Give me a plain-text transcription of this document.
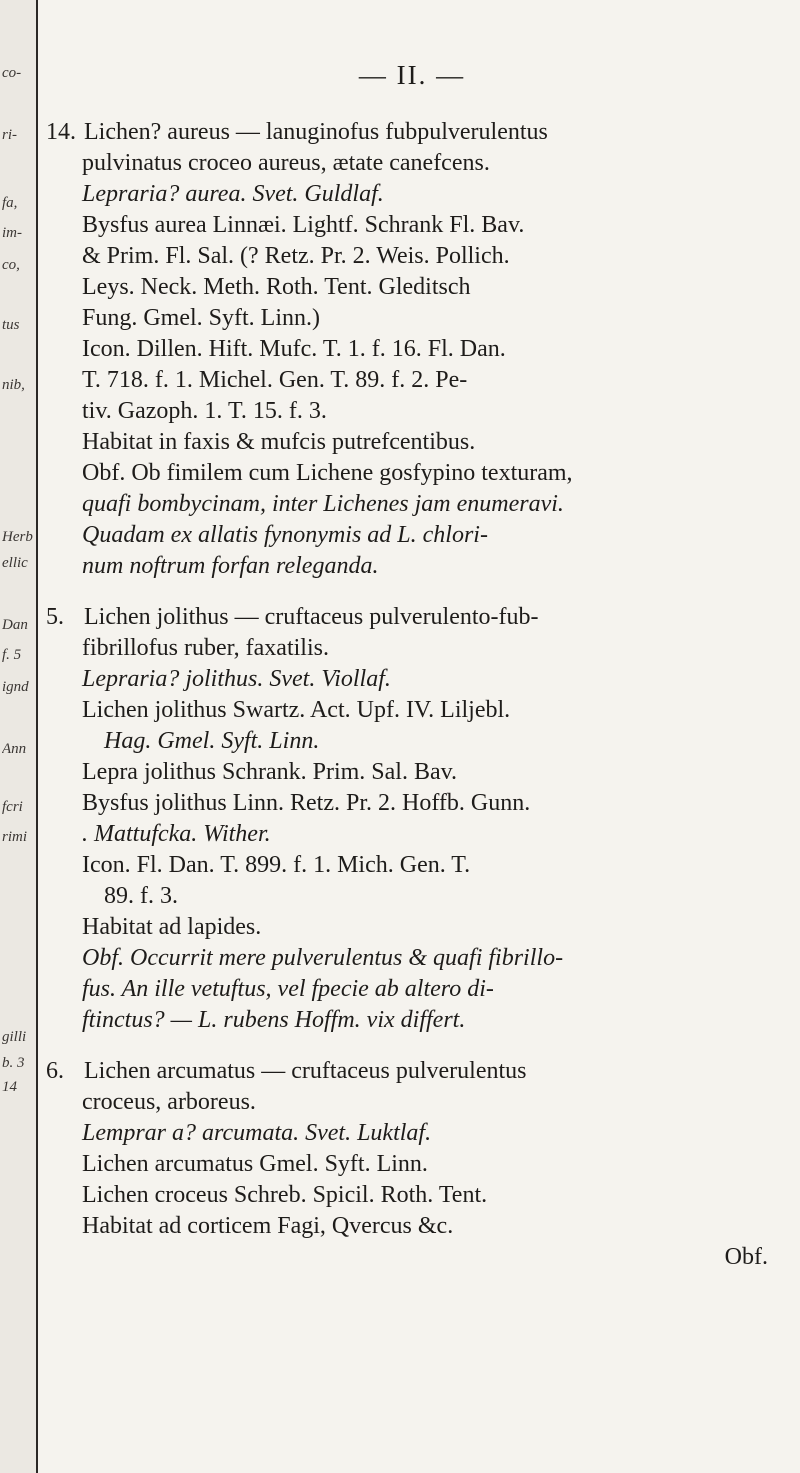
co-
ri-
fa,
im-
co,
tus
nib,
Herb
ellic
Dan
f. 5
ignd
Ann
fcri
rimi
gilli
b. 3
14
— II. —
14. Lichen? aureus — lanuginofus fubpulverulentus
pulvinatus croceo aureus, ætate canefcens.
Lepraria? aurea. Svet. Guldlaf.
Bysfus aurea Linnæi. Lightf. Schrank Fl. Bav.
& Prim. Fl. Sal. (? Retz. Pr. 2. Weis. Pollich.
Leys. Neck. Meth. Roth. Tent. Gleditsch
Fung. Gmel. Syft. Linn.)
Icon. Dillen. Hift. Mufc. T. 1. f. 16. Fl. Dan.
T. 718. f. 1. Michel. Gen. T. 89. f. 2. Pe-
tiv. Gazoph. 1. T. 15. f. 3.
Habitat in faxis & mufcis putrefcentibus.
Obf. Ob fimilem cum Lichene gosfypino texturam,
quafi bombycinam, inter Lichenes jam enumeravi.
Quadam ex allatis fynonymis ad L. chlori-
num noftrum forfan releganda.
5. Lichen jolithus — cruftaceus pulverulento-fub-
fibrillofus ruber, faxatilis.
Lepraria? jolithus. Svet. Viollaf.
Lichen jolithus Swartz. Act. Upf. IV. Liljebl.
Hag. Gmel. Syft. Linn.
Lepra jolithus Schrank. Prim. Sal. Bav.
Bysfus jolithus Linn. Retz. Pr. 2. Hoffb. Gunn.
. Mattufcka. Wither.
Icon. Fl. Dan. T. 899. f. 1. Mich. Gen. T.
89. f. 3.
Habitat ad lapides.
Obf. Occurrit mere pulverulentus & quafi fibrillo-
fus. An ille vetuftus, vel fpecie ab altero di-
ftinctus? — L. rubens Hoffm. vix differt.
6. Lichen arcumatus — cruftaceus pulverulentus
croceus, arboreus.
Lemprar a? arcumata. Svet. Luktlaf.
Lichen arcumatus Gmel. Syft. Linn.
Lichen croceus Schreb. Spicil. Roth. Tent.
Habitat ad corticem Fagi, Qvercus &c.
Obf.
